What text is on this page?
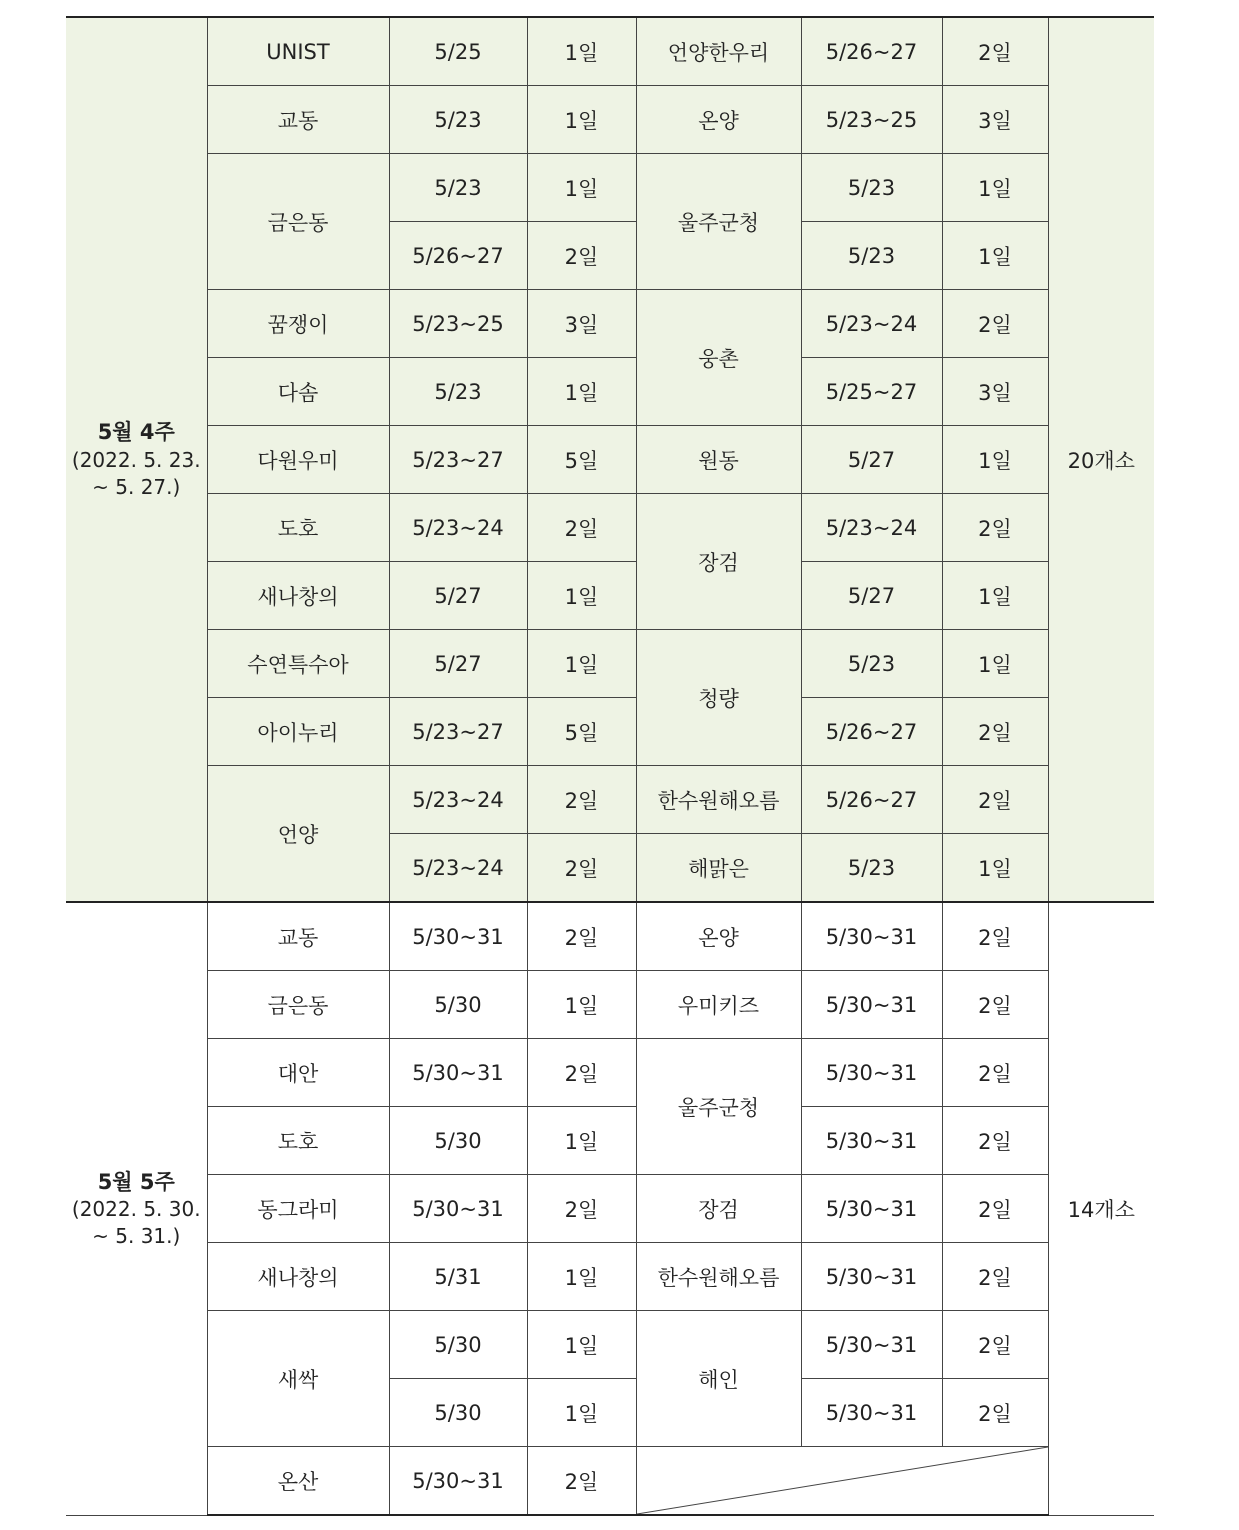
5월 4주
(2022. 5. 23.
~ 5. 27.)	UNIST	5/25	1일	언양한우리	5/26~27	2일	20개소
	교동	5/23	1일	온양	5/23~25	3일	
	금은동	5/23	1일	울주군청	5/23	1일	
		5/26~27	2일		5/23	1일	
	꿈쟁이	5/23~25	3일	웅촌	5/23~24	2일	
	다솜	5/23	1일		5/25~27	3일	
	다원우미	5/23~27	5일	원동	5/27	1일	
	도호	5/23~24	2일	장검	5/23~24	2일	
	새나창의	5/27	1일		5/27	1일	
	수연특수아	5/27	1일	청량	5/23	1일	
	아이누리	5/23~27	5일		5/26~27	2일	
	언양	5/23~24	2일	한수원해오름	5/26~27	2일	
		5/23~24	2일	해맑은	5/23	1일	

5월 5주
(2022. 5. 30.
~ 5. 31.)	교동	5/30~31	2일	온양	5/30~31	2일	14개소
	금은동	5/30	1일	우미키즈	5/30~31	2일	
	대안	5/30~31	2일	울주군청	5/30~31	2일	
	도호	5/30	1일		5/30~31	2일	
	동그라미	5/30~31	2일	장검	5/30~31	2일	
	새나창의	5/31	1일	한수원해오름	5/30~31	2일	
	새싹	5/30	1일	해인	5/30~31	2일	
		5/30	1일		5/30~31	2일	
	온산	5/30~31	2일	
